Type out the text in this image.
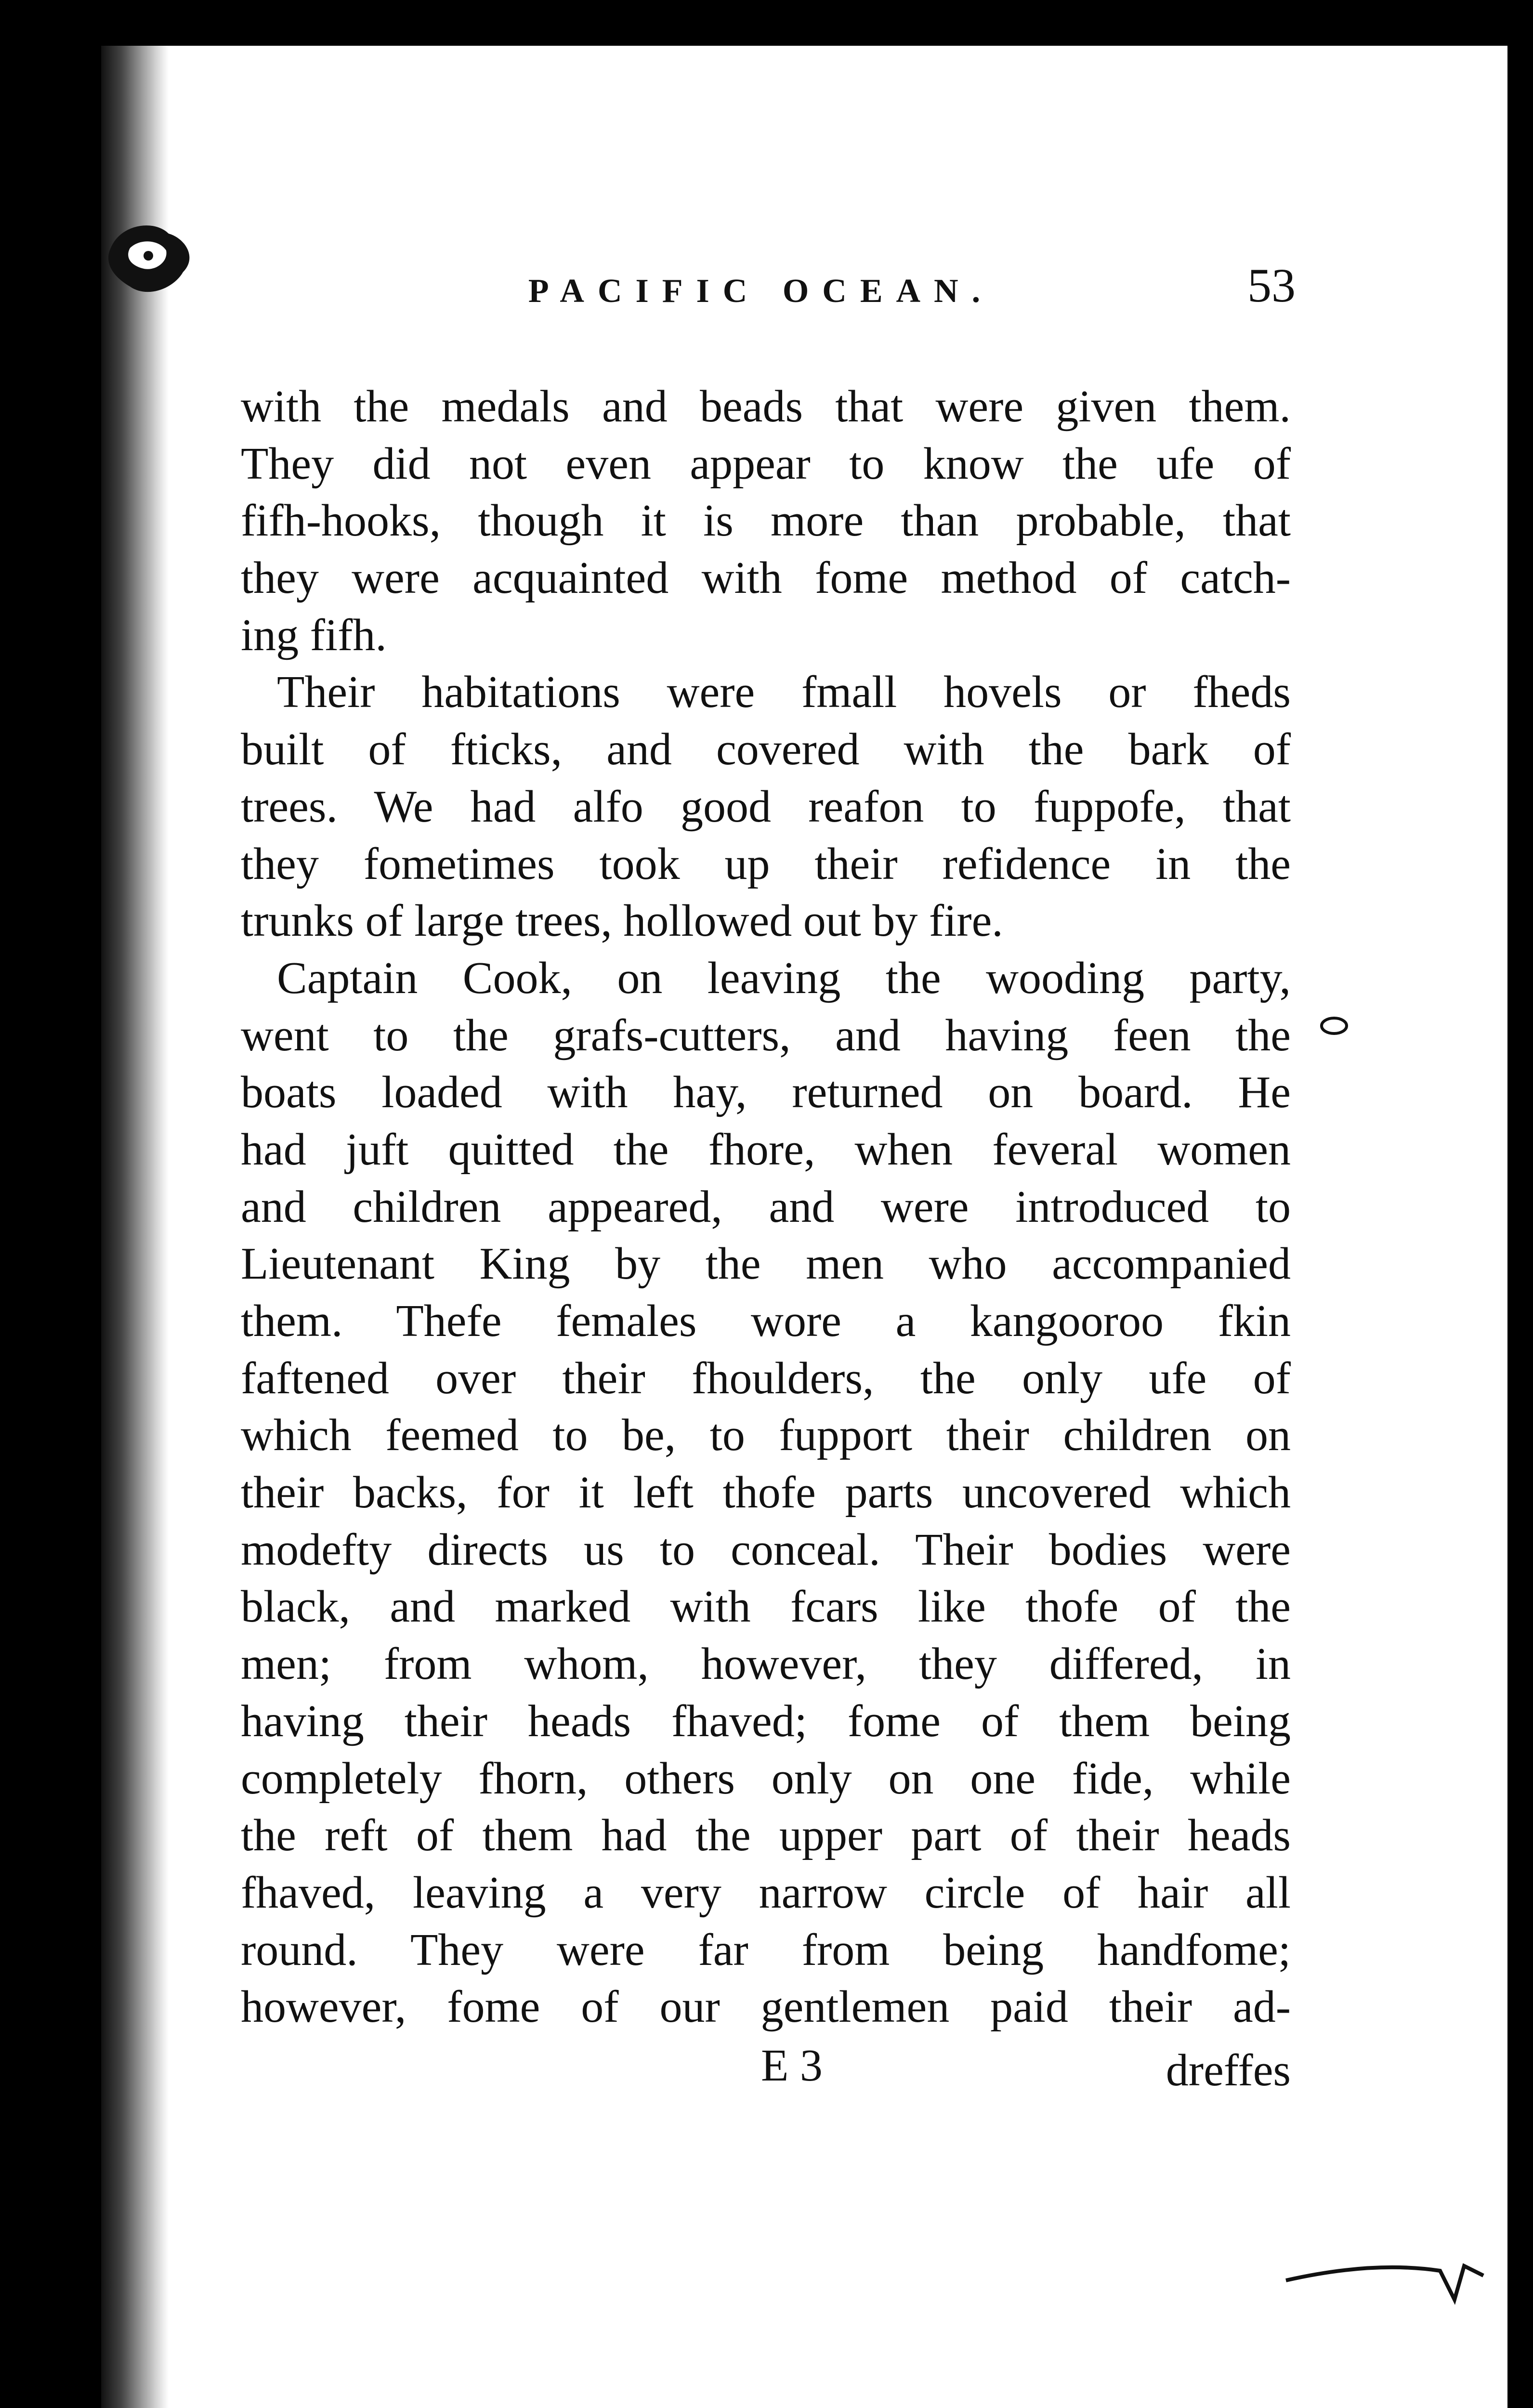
PACIFIC OCEAN.	53
with the medals and beads that were given them.
They did not even appear to know the ufe of
fifh-hooks, though it is more than probable, that
they were acquainted with fome method of catch-
ing fifh.
Their habitations were fmall hovels or fheds
built of fticks, and covered with the bark of
trees. We had alfo good reafon to fuppofe, that
they fometimes took up their refidence in the
trunks of large trees, hollowed out by fire.
Captain Cook, on leaving the wooding party,
went to the grafs-cutters, and having feen the
boats loaded with hay, returned on board. He
had juft quitted the fhore, when feveral women
and children appeared, and were introduced to
Lieutenant King by the men who accompanied
them. Thefe females wore a kangooroo fkin
faftened over their fhoulders, the only ufe of
which feemed to be, to fupport their children on
their backs, for it left thofe parts uncovered which
modefty directs us to conceal. Their bodies were
black, and marked with fcars like thofe of the
men; from whom, however, they differed, in
having their heads fhaved; fome of them being
completely fhorn, others only on one fide, while
the reft of them had the upper part of their heads
fhaved, leaving a very narrow circle of hair all
round. They were far from being handfome;
however, fome of our gentlemen paid their ad-
E 3	dreffes
